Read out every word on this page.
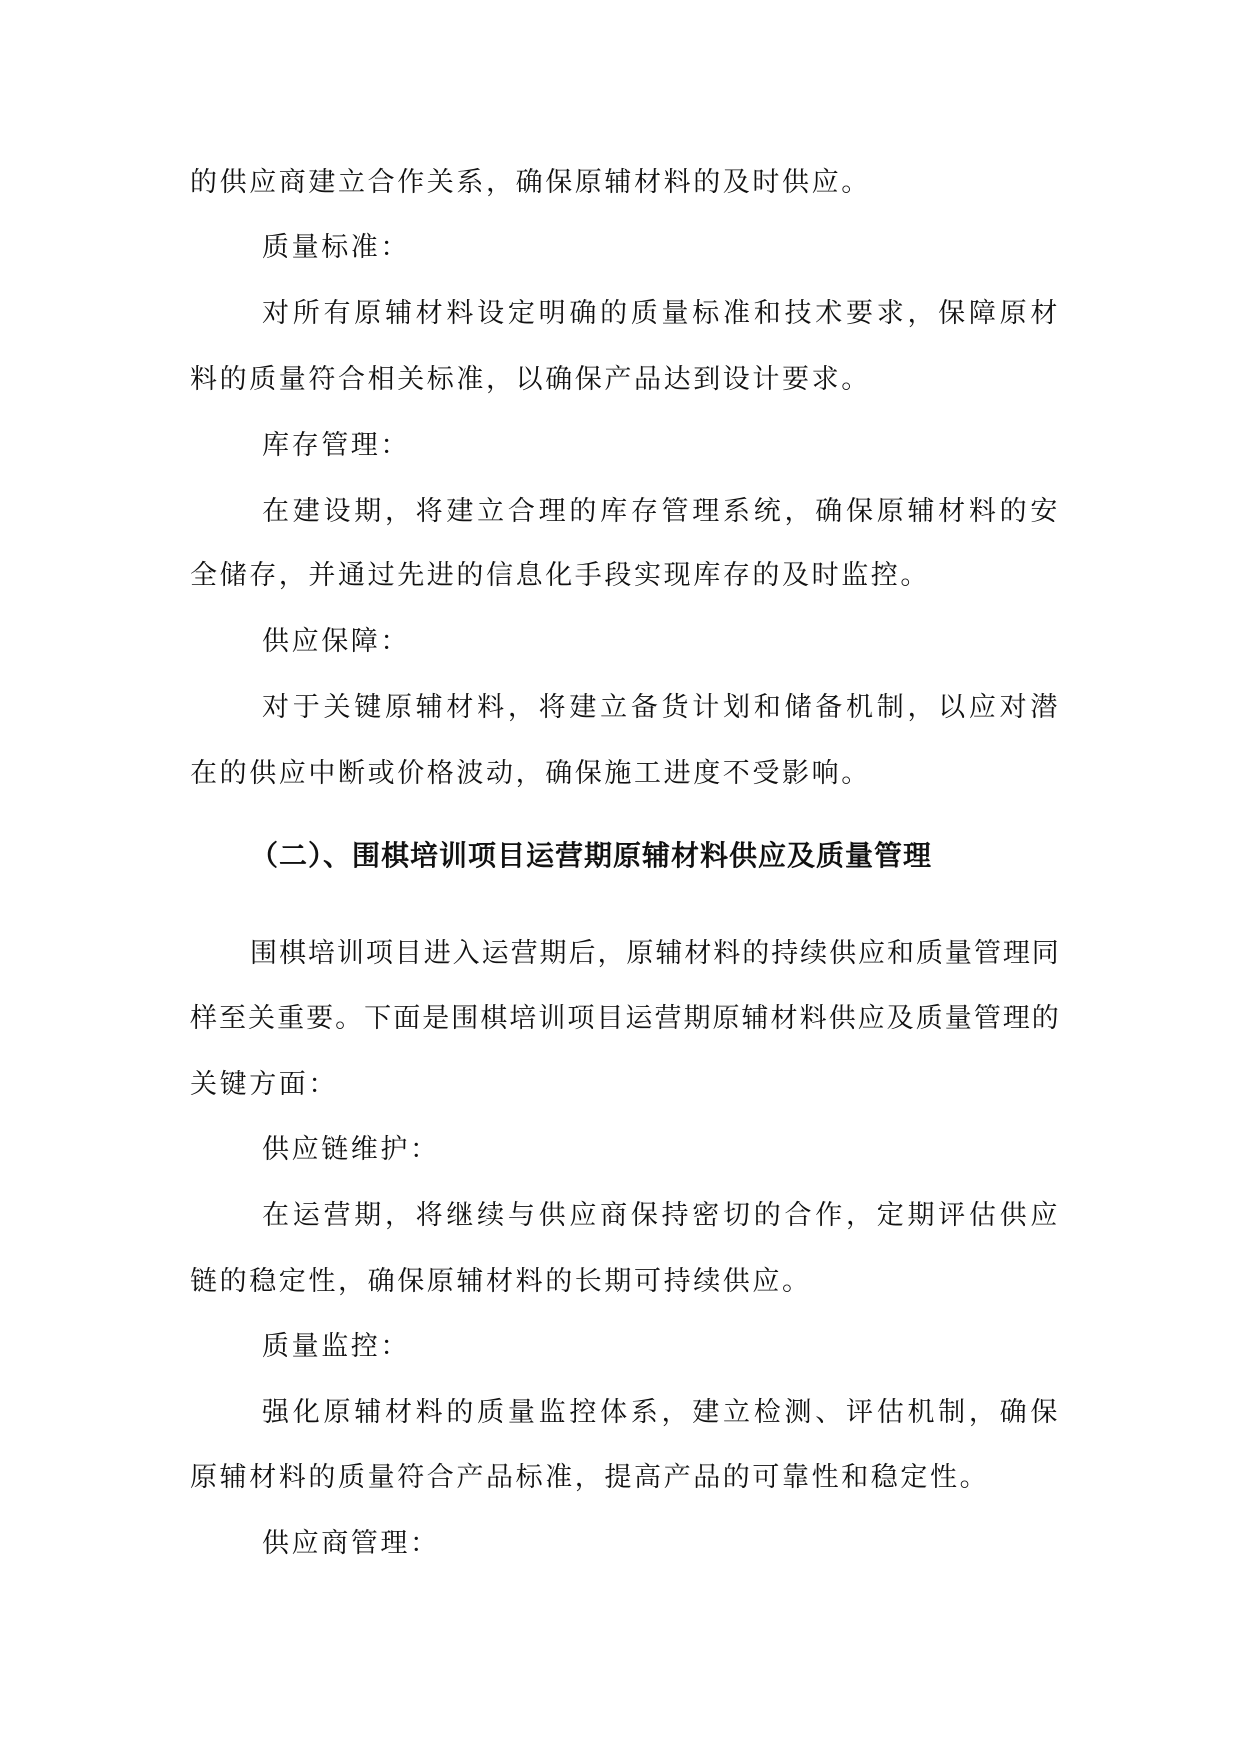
的供应商建立合作关系，确保原辅材料的及时供应。
质量标准：
对所有原辅材料设定明确的质量标准和技术要求，保障原材
料的质量符合相关标准，以确保产品达到设计要求。
库存管理：
在建设期，将建立合理的库存管理系统，确保原辅材料的安
全储存，并通过先进的信息化手段实现库存的及时监控。
供应保障：
对于关键原辅材料，将建立备货计划和储备机制，以应对潜
在的供应中断或价格波动，确保施工进度不受影响。
（二）、围棋培训项目运营期原辅材料供应及质量管理
围棋培训项目进入运营期后，原辅材料的持续供应和质量管理同
样至关重要。下面是围棋培训项目运营期原辅材料供应及质量管理的
关键方面：
供应链维护：
在运营期，将继续与供应商保持密切的合作，定期评估供应
链的稳定性，确保原辅材料的长期可持续供应。
质量监控：
强化原辅材料的质量监控体系，建立检测、评估机制，确保
原辅材料的质量符合产品标准，提高产品的可靠性和稳定性。
供应商管理：
